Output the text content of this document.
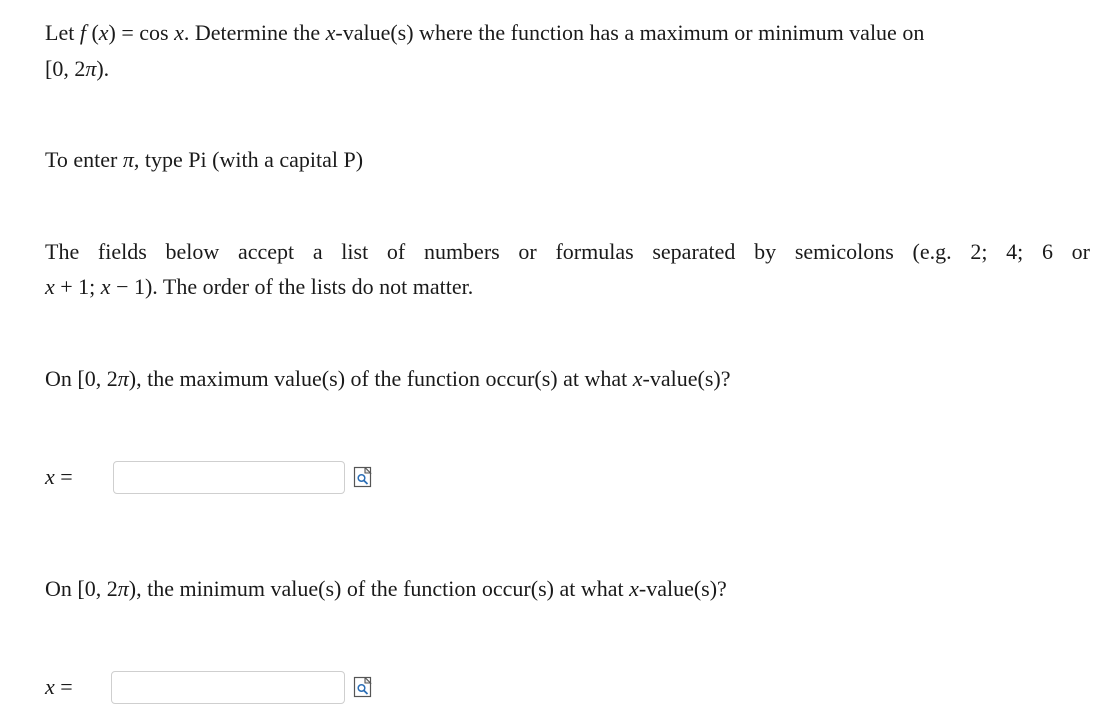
Let f (x) = cos x. Determine the x-value(s) where the function has a maximum or minimum value on
[0, 2π).
To enter π, type Pi (with a capital P)
The fields below accept a list of numbers or formulas separated by semicolons (e.g. 2; 4; 6 or
x + 1; x − 1). The order of the lists do not matter.
On [0, 2π), the maximum value(s) of the function occur(s) at what x-value(s)?
x =
On [0, 2π), the minimum value(s) of the function occur(s) at what x-value(s)?
x =
